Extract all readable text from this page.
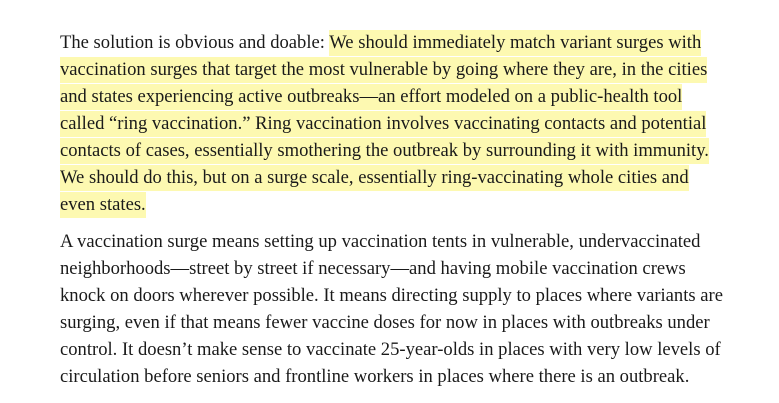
The solution is obvious and doable: We should immediately match variant surges with
vaccination surges that target the most vulnerable by going where they are, in the cities
and states experiencing active outbreaks—an effort modeled on a public-health tool
called “ring vaccination.” Ring vaccination involves vaccinating contacts and potential
contacts of cases, essentially smothering the outbreak by surrounding it with immunity.
We should do this, but on a surge scale, essentially ring-vaccinating whole cities and
even states.

A vaccination surge means setting up vaccination tents in vulnerable, undervaccinated
neighborhoods—street by street if necessary—and having mobile vaccination crews
knock on doors wherever possible. It means directing supply to places where variants are
surging, even if that means fewer vaccine doses for now in places with outbreaks under
control. It doesn’t make sense to vaccinate 25-year-olds in places with very low levels of
circulation before seniors and frontline workers in places where there is an outbreak.
